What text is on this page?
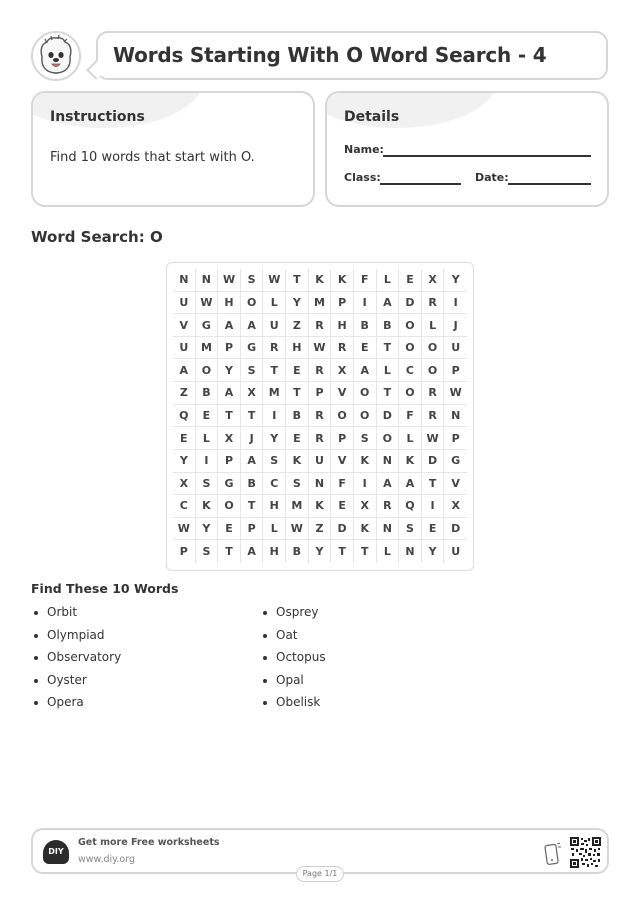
Words Starting With O Word Search - 4
Instructions
Find 10 words that start with O.
Details
Name:
Class:	Date:
Word Search: O
N	N	W	S	W	T	K	K	F	L	E	X	Y
U	W	H	O	L	Y	M	P	I	A	D	R	I
V	G	A	A	U	Z	R	H	B	B	O	L	J
U	M	P	G	R	H	W	R	E	T	O	O	U
A	O	Y	S	T	E	R	X	A	L	C	O	P
Z	B	A	X	M	T	P	V	O	T	O	R	W
Q	E	T	T	I	B	R	O	O	D	F	R	N
E	L	X	J	Y	E	R	P	S	O	L	W	P
Y	I	P	A	S	K	U	V	K	N	K	D	G
X	S	G	B	C	S	N	F	I	A	A	T	V
C	K	O	T	H	M	K	E	X	R	Q	I	X
W	Y	E	P	L	W	Z	D	K	N	S	E	D
P	S	T	A	H	B	Y	T	T	L	N	Y	U
Find These 10 Words
Orbit
Olympiad
Observatory
Oyster
Opera
Osprey
Oat
Octopus
Opal
Obelisk
DIY
Get more Free worksheets
www.diy.org
Page 1/1
